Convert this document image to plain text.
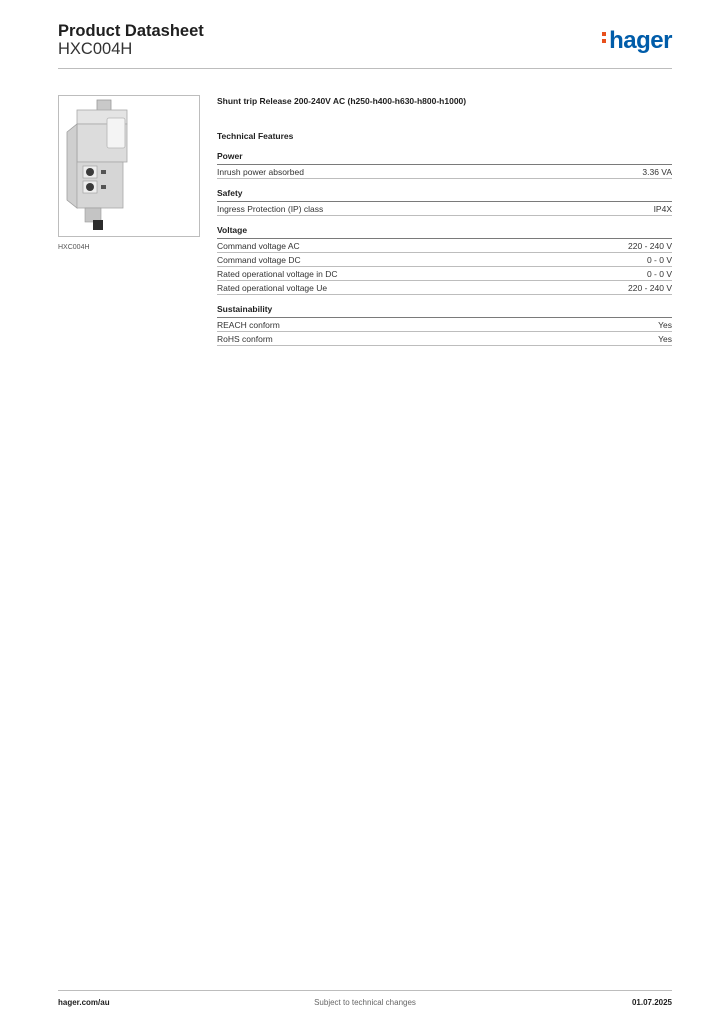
Product Datasheet
HXC004H	hager
HXC004H
Shunt trip Release 200-240V AC (h250-h400-h630-h800-h1000)
Technical Features
Power
Inrush power absorbed	3.36 VA
Safety
Ingress Protection (IP) class	IP4X
Voltage
Command voltage AC	220 - 240 V
Command voltage DC	0 - 0 V
Rated operational voltage in DC	0 - 0 V
Rated operational voltage Ue	220 - 240 V
Sustainability
REACH conform	Yes
RoHS conform	Yes
hager.com/au	Subject to technical changes	01.07.2025
